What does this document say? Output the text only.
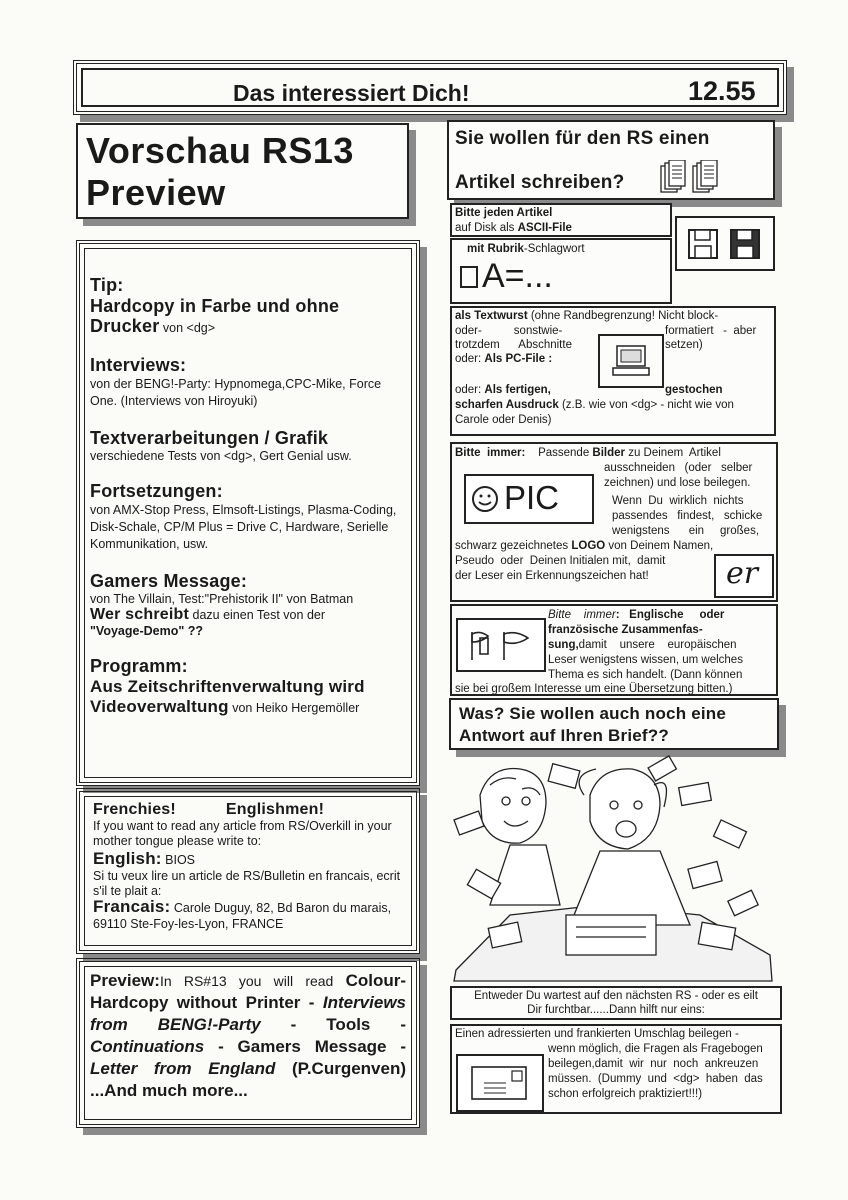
Das interessiert Dich!	12.55
Vorschau RS13
Preview
Tip:
Hardcopy in Farbe und ohne
Drucker von <dg>
Interviews:
von der BENG!-Party: Hypnomega,CPC-Mike, Force One. (Interviews von Hiroyuki)
Textverarbeitungen / Grafik
verschiedene Tests von <dg>, Gert Genial usw.
Fortsetzungen:
von AMX-Stop Press, Elmsoft-Listings, Plasma-Coding, Disk-Schale, CP/M Plus = Drive C, Hardware, Serielle Kommunikation, usw.
Gamers Message:
von The Villain, Test:"Prehistorik II" von Batman
Wer schreibt dazu einen Test von der
"Voyage-Demo" ??
Programm:
Aus Zeitschriftenverwaltung wird
Videoverwaltung von Heiko Hergemöller
Frenchies!	Englishmen!
If you want to read any article from RS/Overkill in your mother tongue please write to:
English: BIOS
Si tu veux lire un article de RS/Bulletin en francais, ecrit s'il te plait a:
Francais: Carole Duguy, 82, Bd Baron du marais, 69110 Ste-Foy-les-Lyon, FRANCE
Preview:In RS#13 you will read Colour-Hardcopy without Printer - Interviews from BENG!-Party - Tools - Continuations - Gamers Message - Letter from England (P.Curgenven) ...And much more...
Sie wollen für den RS einen
Artikel schreiben?
Bitte jeden Artikel
auf Disk als ASCII-File
mit Rubrik-Schlagwort
A=...
als Textwurst (ohne Randbegrenzung! Nicht block-
oder-          sonstwie-
trotzdem      Abschnitte
oder: Als PC-File :
formatiert   -  aber
setzen)
oder: Als fertigen,	gestochen
scharfen Ausdruck (z.B. wie von <dg> - nicht wie von
Carole oder Denis)
Bitte  immer:    Passende Bilder zu Deinem  Artikel
ausschneiden   (oder   selber
zeichnen) und lose beilegen.
PIC	Wenn  Du  wirklich  nichts
passendes   findest,   schicke
wenigstens      ein     großes,
schwarz gezeichnetes LOGO von Deinem Namen,
Pseudo  oder  Deinen Initialen mit,  damit
der Leser ein Erkennungszeichen hat!	er
Bitte    immer:   Englische     oder
französische Zusammenfas-
sung,damit    unsere    europäischen
Leser wenigstens wissen, um welches
Thema es sich handelt. (Dann können
sie bei großem Interesse um eine Übersetzung bitten.)
Was? Sie wollen auch noch eine
Antwort auf Ihren Brief??
Entweder Du wartest auf den nächsten RS - oder es eilt
Dir furchtbar......Dann hilft nur eins:
Einen adressierten und frankierten Umschlag beilegen -
wenn möglich, die Fragen als Fragebogen
beilegen,damit  wir  nur  noch  ankreuzen
müssen.  (Dummy  und  <dg>  haben  das
schon erfolgreich praktiziert!!!)
